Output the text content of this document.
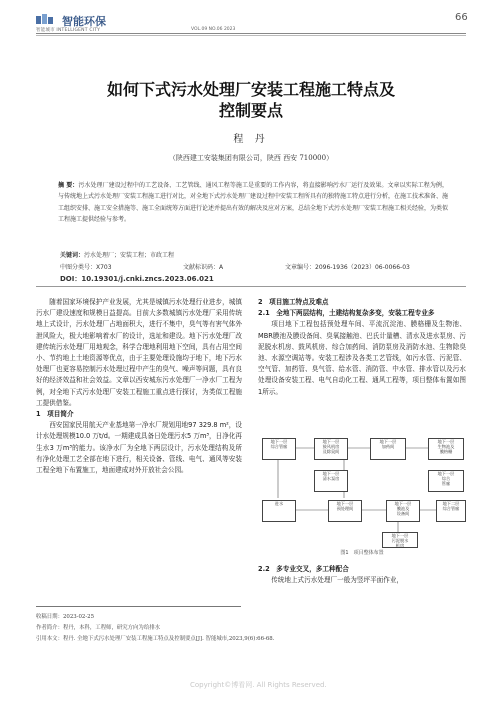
智能环保	66
智能城市 INTELLIGENT CITY	VOL.09 NO.06 2023
如何下式污水处理厂安装工程施工特点及
控制要点
程 丹
（陕西建工安装集团有限公司，陕西 西安 710000）
摘 要：污水处理厂建设过程中的工艺设备、工艺管线、通风工程等施工是重要的工作内容，将直接影响污水厂运行及效果。文章以实际工程为例，与传统地上式污水处理厂安装工程施工进行对比，对全地下式污水处理厂建设过程中安装工程所具有的独特施工特点进行分析，在施工技术准备、施工组织安排、施工安全措施等、施工全面统筹方面进行论述并提出有效的解决及应对方案，总结全地下式污水处理厂安装工程施工相关经验，为类似工程施工提供经验与参考。
关键词：污水处理厂；安装工程；市政工程
中图分类号：X703	文献标识码：A	文章编号：2096-1936（2023）06-0066-03
DOI：10.19301/j.cnki.zncs.2023.06.021

随着国家环境保护产业发展，尤其是城镇污水处理行业进步，城镇污水厂建设速度和规模日益提高。目前大多数城镇污水处理厂采用传统地上式设计，污水处理厂占地面积大，进行不集中，臭气等有害气体外泄风险大，极大地影响着水厂的设计，选址和建设。地下污水处理厂改建传统污水处理厂用地观念，科学合理地利用地下空间，具有占用空间小、节约地上土地资源等优点，由于主要处理设施均于地下，地下污水处理厂也更容易控制污水处理过程中产生的臭气、噪声等问题，具有良好的经济效益和社会效益。文章以西安城东污水处理厂一净水厂工程为例，对全地下式污水处理厂安装工程施工重点进行探讨，为类似工程施工提供借鉴。

1　项目简介

西安国家民用航天产业基地第一净水厂规划用地97 329.8 m²，设计水处理规模10.0 万t/d。一期建成具备日处理污水5 万m³，日净化再生水3 万m³的能力。该净水厂为全地下两层设计，污水处理结构及所有净化处理工艺全部在地下进行，相关设备、管线、电气、通风等安装工程全地下布置施工，地面建成对外开放社会公园。

2　项目施工特点及难点

2.1　全地下两层结构，土建结构复杂多变，安装工程专业多

项目地下工程包括预处理车间、平流沉淀池、膜格栅及生物池、MBR膜池及膜设备间、臭氧接触池、巴氏计量槽、清水及进水泵房、污泥脱水机房、鼓风机房、综合加药间、消防泵房及消防水池、生物除臭池、水源空调站等。安装工程涉及各类工艺管线，如污水管、污泥管、空气管、加药管、臭气管、给水管、消防管、中水管、排水管以及污水处理设备安装工程、电气自动化工程、通风工程等，项目整体布置如图1所示。

地下一层
综合管廊
地下一层
鼓风机房
及除臭间
地下一层
加药间
地下一层
生物池及
膜格栅
地下一层
清水泵房
进水	地下一层
预处理间
地下一层
膜池及
设备间
地下二层
综合管廊
地下一层
污泥脱水
机房
地下一层
综合
管廊
图1　项目整体布置

2.2　多专业交叉，多工种配合

传统地上式污水处理厂一般为竖坪平面作业，

收稿日期：2023-02-25
作者简介：程丹，本科，工程师，研究方向为给排水
引用本文：程丹. 全地下式污水处理厂安装工程施工特点及控制要点[J]. 智能城市,2023,9(6):66-68.
Copyright©博看网. All Rights Reserved.
